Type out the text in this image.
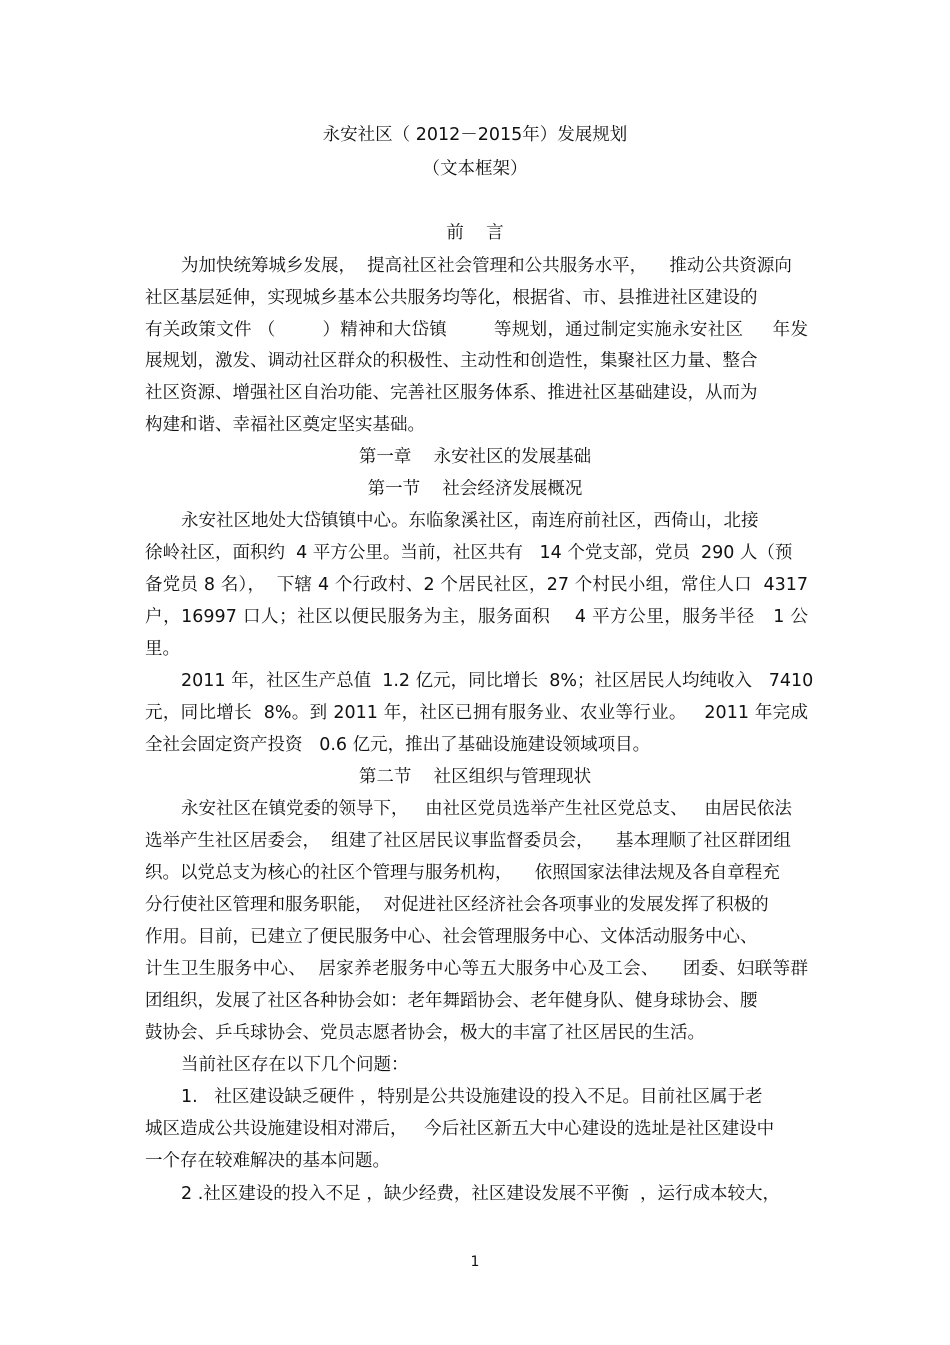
永安社区（ 2012－2015年）发展规划

（文本框架）

前    言

为加快统筹城乡发展，  提高社区社会管理和公共服务水平，    推动公共资源向

社区基层延伸，实现城乡基本公共服务均等化，根据省、市、县推进社区建设的

有关政策文件 （        ）精神和大岱镇        等规划，通过制定实施永安社区     年发

展规划，激发、调动社区群众的积极性、主动性和创造性，集聚社区力量、整合

社区资源、增强社区自治功能、完善社区服务体系、推进社区基础建设，从而为

构建和谐、幸福社区奠定坚实基础。

第一章    永安社区的发展基础

第一节    社会经济发展概况

永安社区地处大岱镇镇中心。东临象溪社区，南连府前社区，西倚山，北接

徐岭社区，面积约  4 平方公里。当前，社区共有   14 个党支部，党员  290 人（预

备党员 8 名），  下辖 4 个行政村、2 个居民社区，27 个村民小组，常住人口  4317

户，16997 口人；社区以便民服务为主，服务面积    4 平方公里，服务半径   1 公

里。

2011 年，社区生产总值  1.2 亿元，同比增长  8%；社区居民人均纯收入   7410

元，同比增长  8%。到 2011 年，社区已拥有服务业、农业等行业。   2011 年完成

全社会固定资产投资   0.6 亿元，推出了基础设施建设领域项目。

第二节    社区组织与管理现状

永安社区在镇党委的领导下，   由社区党员选举产生社区党总支、   由居民依法

选举产生社区居委会，  组建了社区居民议事监督委员会，    基本理顺了社区群团组

织。以党总支为核心的社区个管理与服务机构，    依照国家法律法规及各自章程充

分行使社区管理和服务职能，  对促进社区经济社会各项事业的发展发挥了积极的

作用。目前，已建立了便民服务中心、社会管理服务中心、文体活动服务中心、

计生卫生服务中心、  居家养老服务中心等五大服务中心及工会、    团委、妇联等群

团组织，发展了社区各种协会如：老年舞蹈协会、老年健身队、健身球协会、腰

鼓协会、乒乓球协会、党员志愿者协会，极大的丰富了社区居民的生活。

当前社区存在以下几个问题：

1.   社区建设缺乏硬件 ，特别是公共设施建设的投入不足。目前社区属于老

城区造成公共设施建设相对滞后，   今后社区新五大中心建设的选址是社区建设中

一个存在较难解决的基本问题。

2 .社区建设的投入不足 ，缺少经费，社区建设发展不平衡  ，运行成本较大，

1
